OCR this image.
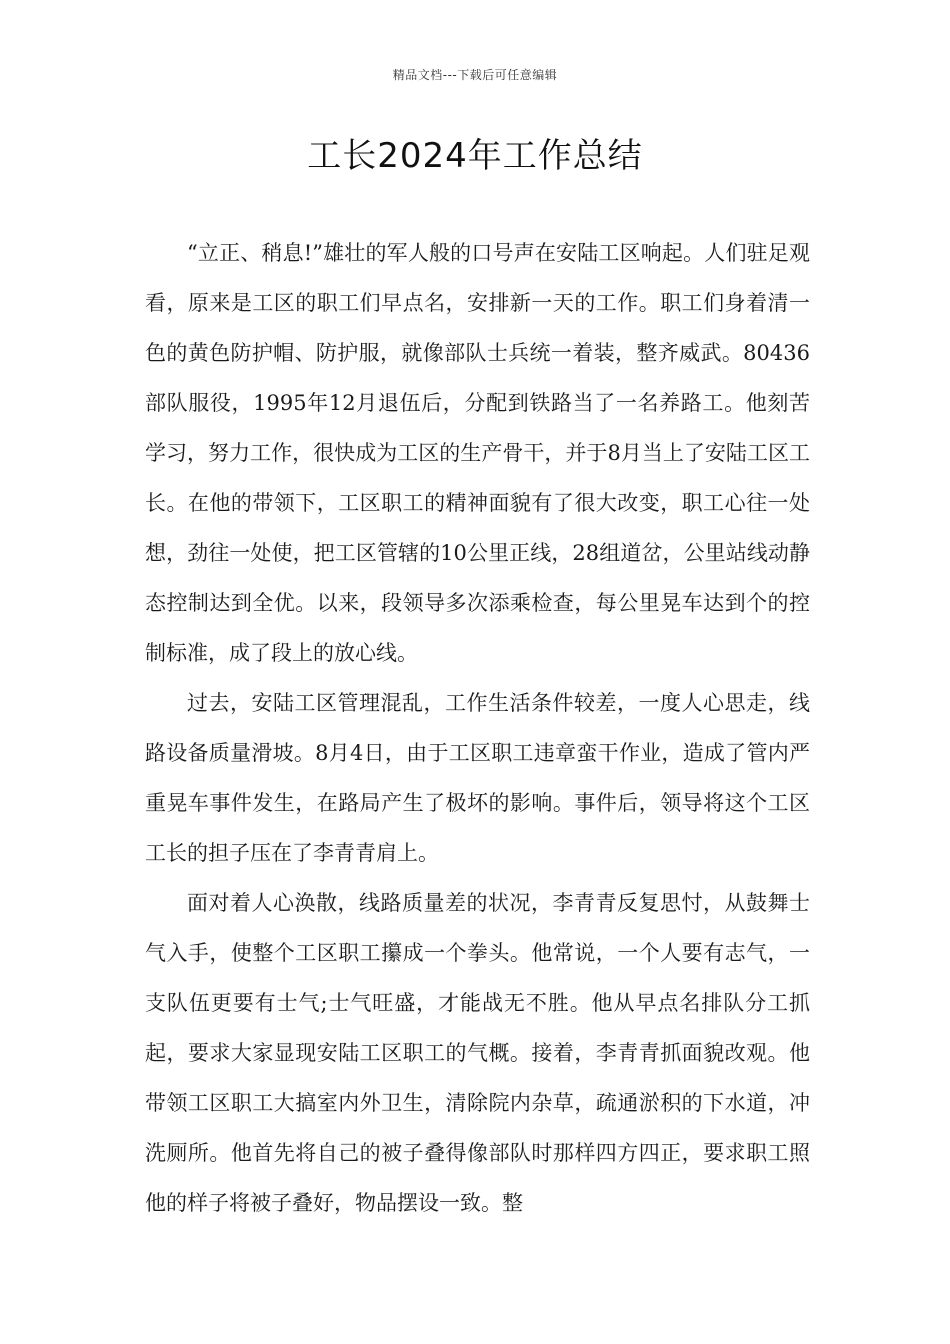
精品文档---下载后可任意编辑
工长2024年工作总结

“立正、稍息!”雄壮的军人般的口号声在安陆工区响起。人们驻足观看，原来是工区的职工们早点名，安排新一天的工作。职工们身着清一色的黄色防护帽、防护服，就像部队士兵统一着装，整齐威武。80436部队服役，1995年12月退伍后，分配到铁路当了一名养路工。他刻苦学习，努力工作，很快成为工区的生产骨干，并于8月当上了安陆工区工长。在他的带领下，工区职工的精神面貌有了很大改变，职工心往一处想，劲往一处使，把工区管辖的10公里正线，28组道岔，公里站线动静态控制达到全优。以来，段领导多次添乘检查，每公里晃车达到个的控制标准，成了段上的放心线。

过去，安陆工区管理混乱，工作生活条件较差，一度人心思走，线路设备质量滑坡。8月4日，由于工区职工违章蛮干作业，造成了管内严重晃车事件发生，在路局产生了极坏的影响。事件后，领导将这个工区工长的担子压在了李青青肩上。

面对着人心涣散，线路质量差的状况，李青青反复思忖，从鼓舞士气入手，使整个工区职工攥成一个拳头。他常说，一个人要有志气，一支队伍更要有士气;士气旺盛，才能战无不胜。他从早点名排队分工抓起，要求大家显现安陆工区职工的气概。接着，李青青抓面貌改观。他带领工区职工大搞室内外卫生，清除院内杂草，疏通淤积的下水道，冲洗厕所。他首先将自己的被子叠得像部队时那样四方四正，要求职工照他的样子将被子叠好，物品摆设一致。整
